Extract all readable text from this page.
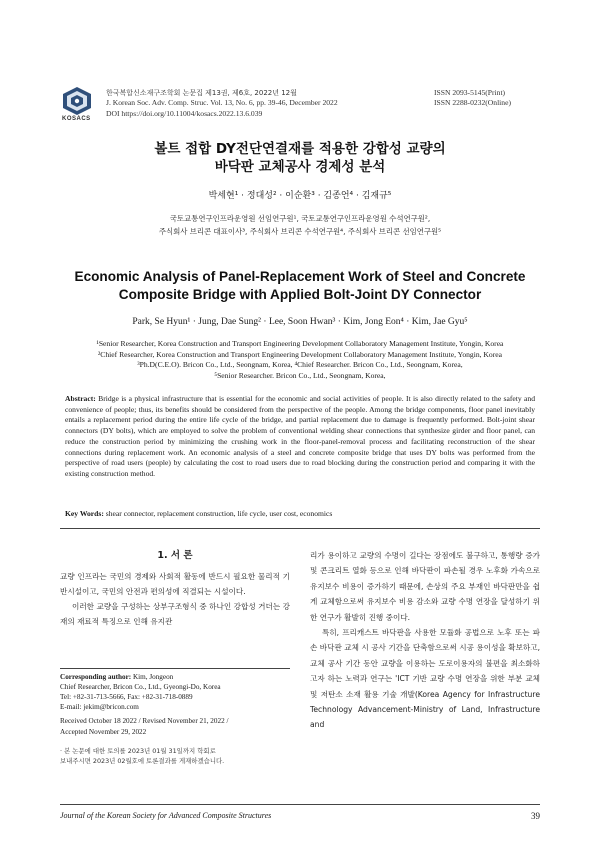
KOSACS
한국복합신소재구조학회 논문집 제13권, 제6호, 2022년 12월
J. Korean Soc. Adv. Comp. Struc. Vol. 13, No. 6, pp. 39-46, December 2022
DOI https://doi.org/10.11004/kosacs.2022.13.6.039
ISSN 2093-5145(Print)
ISSN 2288-0232(Online)
볼트 접합 DY전단연결재를 적용한 강합성 교량의
바닥판 교체공사 경제성 분석
박세현¹ · 정대성² · 이순환³ · 김종언⁴ · 김재규⁵
국토교통연구인프라운영원 선임연구원¹, 국토교통연구인프라운영원 수석연구원²,
주식회사 브리콘 대표이사³, 주식회사 브리콘 수석연구원⁴, 주식회사 브리콘 선임연구원⁵
Economic Analysis of Panel-Replacement Work of Steel and Concrete
Composite Bridge with Applied Bolt-Joint DY Connector
Park, Se Hyun¹ · Jung, Dae Sung² · Lee, Soon Hwan³ · Kim, Jong Eon⁴ · Kim, Jae Gyu⁵
¹Senior Researcher, Korea Construction and Transport Engineering Development Collaboratory Management Institute, Yongin, Korea
²Chief Researcher, Korea Construction and Transport Engineering Development Collaboratory Management Institute, Yongin, Korea
³Ph.D(C.E.O). Bricon Co., Ltd., Seongnam, Korea, ⁴Chief Researcher. Bricon Co., Ltd., Seongnam, Korea,
⁵Senior Researcher. Bricon Co., Ltd., Seongnam, Korea,
Abstract: Bridge is a physical infrastructure that is essential for the economic and social activities of people. It is also directly related to the safety and convenience of people; thus, its benefits should be considered from the perspective of the people. Among the bridge components, floor panel inevitably entails a replacement period during the entire life cycle of the bridge, and partial replacement due to damage is frequently performed. Bolt-joint shear connectors (DY bolts), which are employed to solve the problem of conventional welding shear connections that synthesize girder and floor panel, can reduce the construction period by minimizing the crushing work in the floor-panel-removal process and facilitating reconstruction of the shear connections during replacement work. An economic analysis of a steel and concrete composite bridge that uses DY bolts was performed from the perspective of road users (people) by calculating the cost to road users due to road blocking during the construction period and comparing it with the existing construction method.
Key Words: shear connector, replacement construction, life cycle, user cost, economics
1. 서 론

교량 인프라는 국민의 경제와 사회적 활동에 반드시 필요한 물리적 기반시설이고, 국민의 안전과 편의성에 직결되는 시설이다.

이러한 교량을 구성하는 상부구조형식 중 하나인 강합성 거더는 강재의 재료적 특징으로 인해 유지관

Corresponding author: Kim, Jongeon
Chief Researcher, Bricon Co., Ltd., Gyeongi-Do, Korea
Tel: +82-31-713-5666, Fax: +82-31-718-0889
E-mail: jekim@bricon.com
Received October 18 2022 / Revised November 21, 2022 /
Accepted November 29, 2022
· 본 논문에 대한 토의를 2023년 01월 31일까지 학회로
보내주시면 2023년 02월호에 토론결과를 게재하겠습니다.

리가 용이하고 교량의 수명이 길다는 장점에도 불구하고, 통행량 증가 및 콘크리트 열화 등으로 인해 바닥판이 파손될 경우 노후화 가속으로 유지보수 비용이 증가하기 때문에, 손상의 주요 부재인 바닥판만을 쉽게 교체함으로써 유지보수 비용 감소와 교량 수명 연장을 달성하기 위한 연구가 활발히 진행 중이다.

특히, 프리캐스트 바닥판을 사용한 모듈화 공법으로 노후 또는 파손 바닥판 교체 시 공사 기간을 단축함으로써 시공 용이성을 확보하고, 교체 공사 기간 동안 교량을 이용하는 도로이용자의 불편을 최소화하고자 하는 노력과 연구는 'ICT 기반 교량 수명 연장을 위한 부분 교체 및 저탄소 소재 활용 기술 개발(Korea Agency for Infrastructure Technology Advancement-Ministry of Land, Infrastructure and

Journal of the Korean Society for Advanced Composite Structures	39
